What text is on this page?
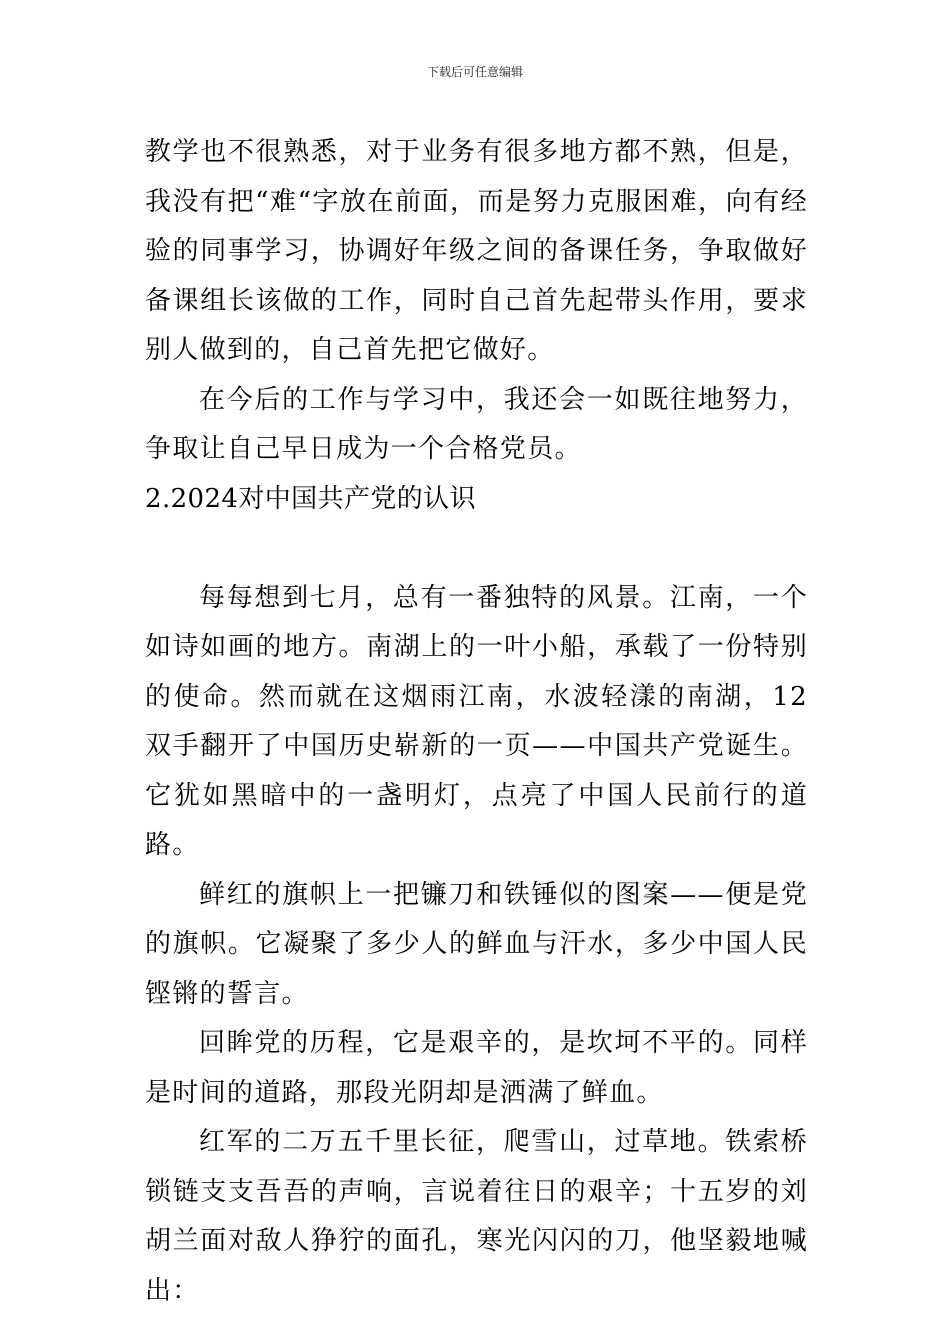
下载后可任意编辑

教学也不很熟悉，对于业务有很多地方都不熟，但是，我没有把“难“字放在前面，而是努力克服困难，向有经验的同事学习，协调好年级之间的备课任务，争取做好备课组长该做的工作，同时自己首先起带头作用，要求别人做到的，自己首先把它做好。

在今后的工作与学习中，我还会一如既往地努力，争取让自己早日成为一个合格党员。

2.2024对中国共产党的认识

每每想到七月，总有一番独特的风景。江南，一个如诗如画的地方。南湖上的一叶小船，承载了一份特别的使命。然而就在这烟雨江南，水波轻漾的南湖，12双手翻开了中国历史崭新的一页——中国共产党诞生。它犹如黑暗中的一盏明灯，点亮了中国人民前行的道路。

鲜红的旗帜上一把镰刀和铁锤似的图案——便是党的旗帜。它凝聚了多少人的鲜血与汗水，多少中国人民铿锵的誓言。

回眸党的历程，它是艰辛的，是坎坷不平的。同样是时间的道路，那段光阴却是洒满了鲜血。

红军的二万五千里长征，爬雪山，过草地。铁索桥锁链支支吾吾的声响，言说着往日的艰辛；十五岁的刘胡兰面对敌人狰狞的面孔，寒光闪闪的刀，他坚毅地喊出：
